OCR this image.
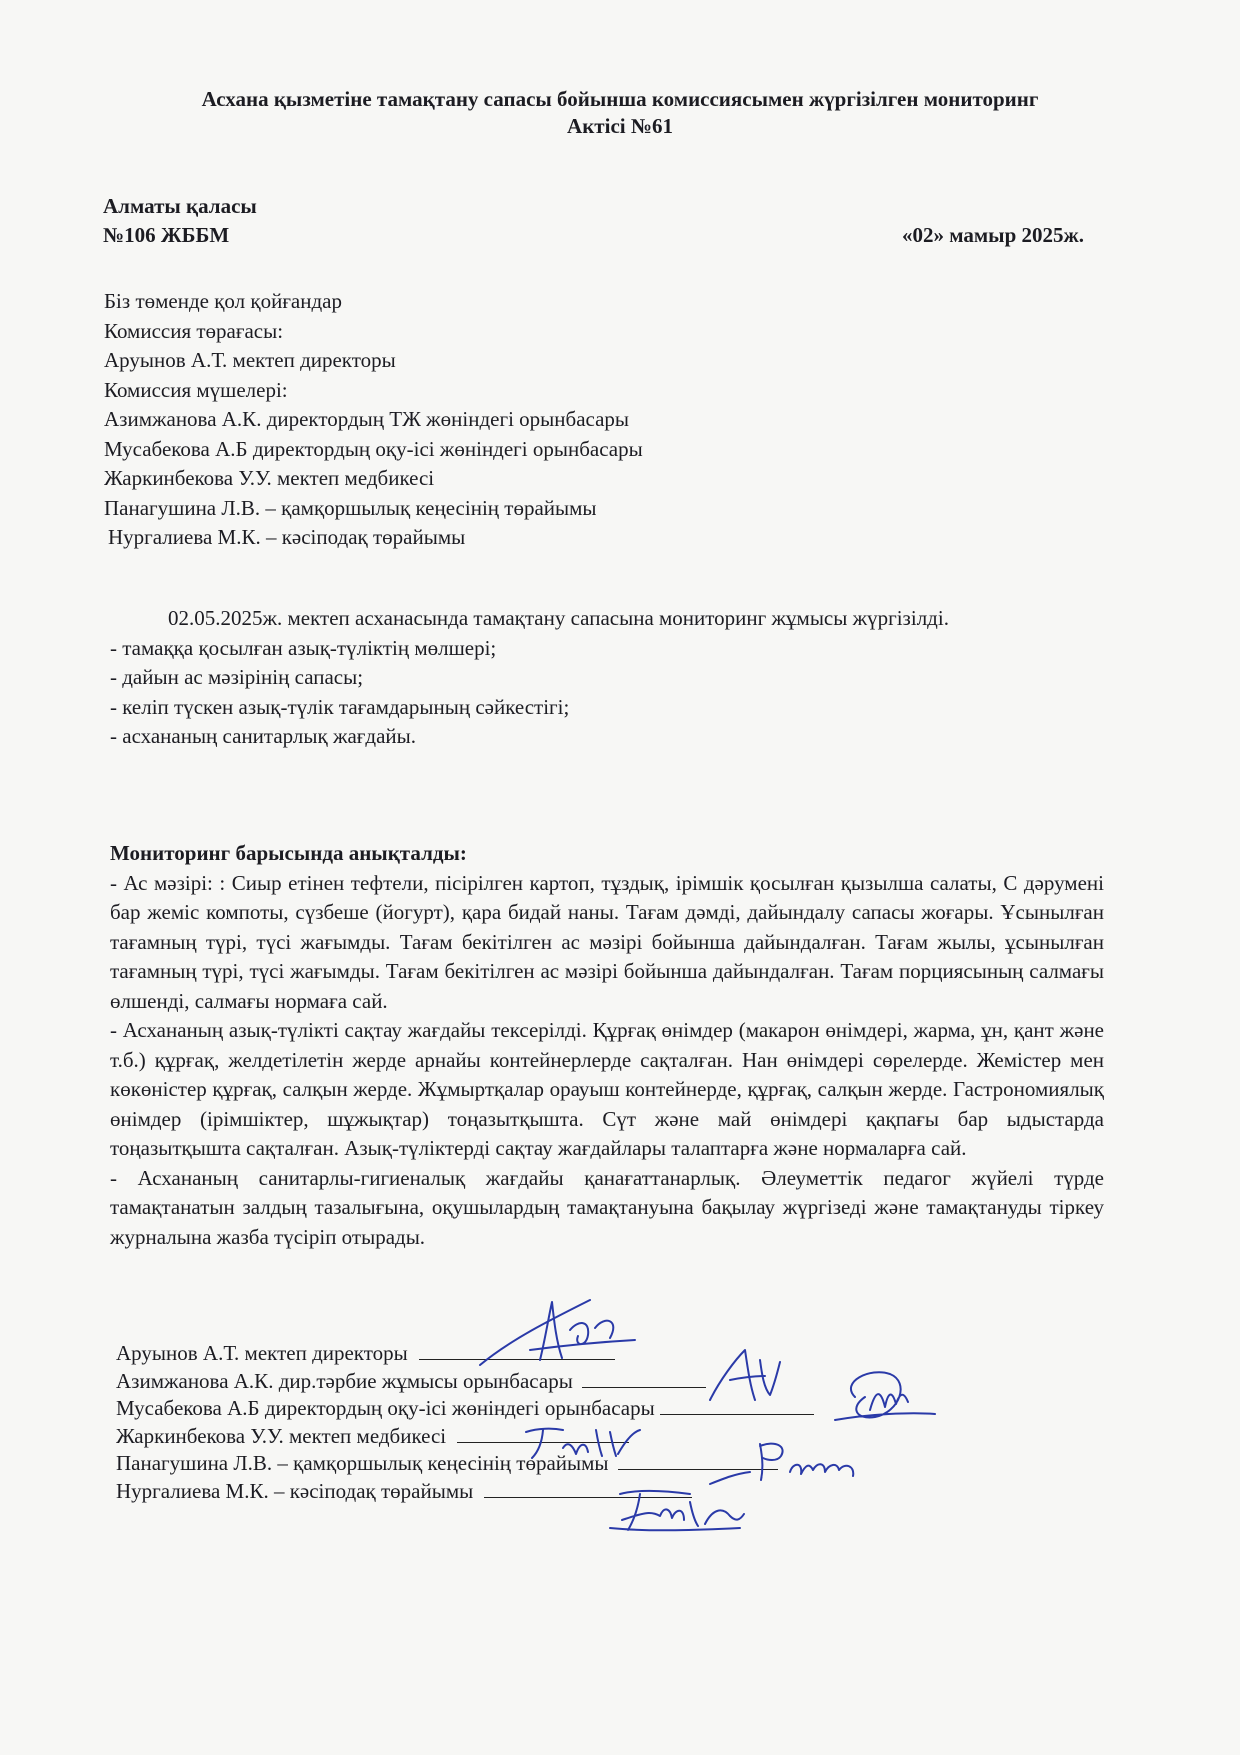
Асхана қызметіне тамақтану сапасы бойынша комиссиясымен жүргізілген мониторинг
Актісі №61
Алматы қаласы
№106 ЖББМ	«02» мамыр 2025ж.
Біз төменде қол қойғандар
Комиссия төрағасы:
Аруынов А.Т. мектеп директоры
Комиссия мүшелері:
Азимжанова А.К. директордың ТЖ жөніндегі орынбасары
Мусабекова А.Б директордың оқу-ісі жөніндегі орынбасары
Жаркинбекова У.У. мектеп медбикесі
Панагушина Л.В. – қамқоршылық кеңесінің төрайымы
Нургалиева М.К. – кәсіподақ төрайымы
02.05.2025ж. мектеп асханасында тамақтану сапасына мониторинг жұмысы жүргізілді.
- тамаққа қосылған азық-түліктің мөлшері;
- дайын ас мәзірінің сапасы;
- келіп түскен азық-түлік тағамдарының сәйкестігі;
- асхананың санитарлық жағдайы.
Мониторинг барысында анықталды:

- Ас мәзірі: : Сиыр етінен тефтели, пісірілген картоп, тұздық, ірімшік қосылған қызылша салаты, С дәрумені бар жеміс компоты, сүзбеше (йогурт), қара бидай наны. Тағам дәмді, дайындалу сапасы жоғары. Ұсынылған тағамның түрі, түсі жағымды. Тағам бекітілген ас мәзірі бойынша дайындалған. Тағам жылы, ұсынылған тағамның түрі, түсі жағымды. Тағам бекітілген ас мәзірі бойынша дайындалған. Тағам порциясының салмағы өлшенді, салмағы нормаға сай.

- Асхананың азық-түлікті сақтау жағдайы тексерілді. Құрғақ өнімдер (макарон өнімдері, жарма, ұн, қант және т.б.) құрғақ, желдетілетін жерде арнайы контейнерлерде сақталған. Нан өнімдері сөрелерде. Жемістер мен көкөністер құрғақ, салқын жерде. Жұмыртқалар орауыш контейнерде, құрғақ, салқын жерде. Гастрономиялық өнімдер (ірімшіктер, шұжықтар) тоңазытқышта. Сүт және май өнімдері қақпағы бар ыдыстарда тоңазытқышта сақталған. Азық-түліктерді сақтау жағдайлары талаптарға және нормаларға сай.

- Асхананың санитарлы-гигиеналық жағдайы қанағаттанарлық. Әлеуметтік педагог жүйелі түрде тамақтанатын залдың тазалығына, оқушылардың тамақтануына бақылау жүргізеді және тамақтануды тіркеу журналына жазба түсіріп отырады.

Аруынов А.Т. мектеп директоры
Азимжанова А.К. дир.тәрбие жұмысы орынбасары
Мусабекова А.Б директордың оқу-ісі жөніндегі орынбасары
Жаркинбекова У.У. мектеп медбикесі
Панагушина Л.В. – қамқоршылық кеңесінің төрайымы
Нургалиева М.К. – кәсіподақ төрайымы
